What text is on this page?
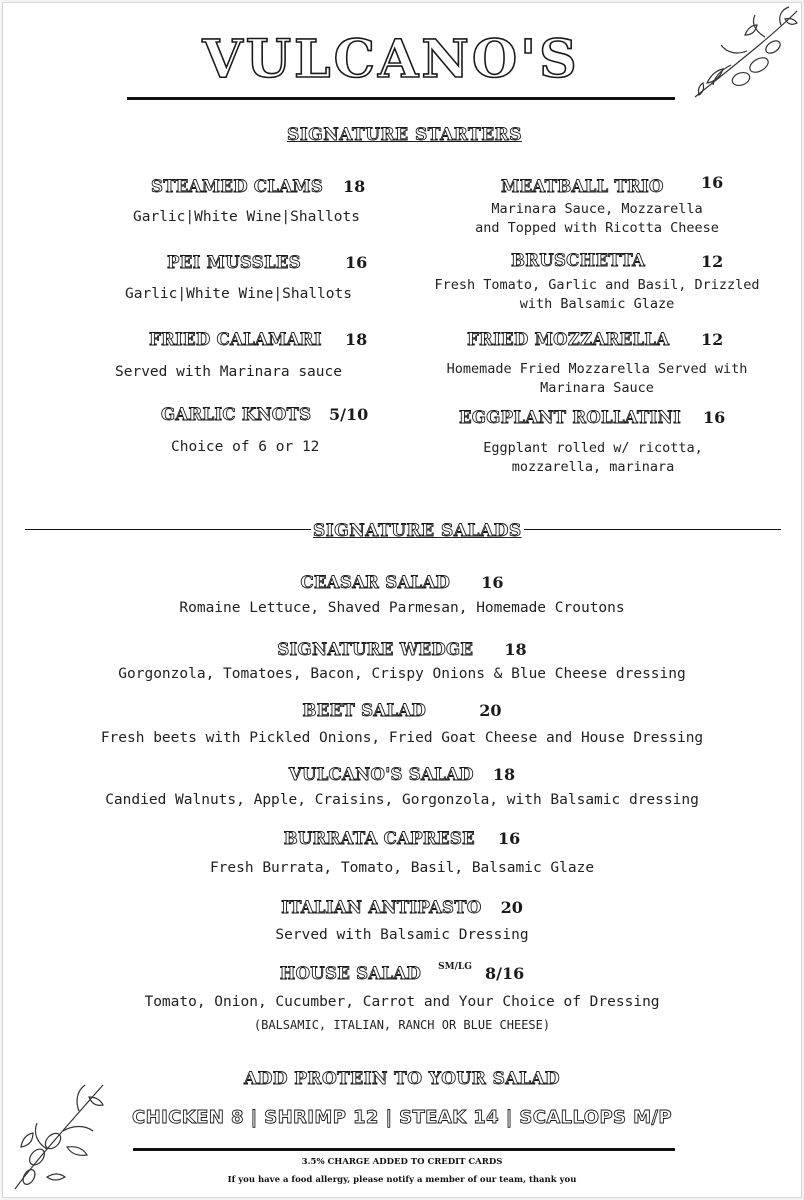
VULCANO'S
SIGNATURE STARTERS
STEAMED CLAMS 18
Garlic|White Wine|Shallots
PEI MUSSLES	16
Garlic|White Wine|Shallots
FRIED CALAMARI 18
Served with Marinara sauce
GARLIC KNOTS 5/10
Choice of 6 or 12
MEATBALL TRIO 16
Marinara Sauce, Mozzarella
and Topped with Ricotta Cheese
BRUSCHETTA	12
Fresh Tomato, Garlic and Basil, Drizzled
with Balsamic Glaze
FRIED MOZZARELLA 12
Homemade Fried Mozzarella Served with
Marinara Sauce
EGGPLANT ROLLATINI 16
Eggplant rolled w/ ricotta,
mozzarella, marinara
SIGNATURE SALADS
CEASAR SALAD 16
Romaine Lettuce, Shaved Parmesan, Homemade Croutons
SIGNATURE WEDGE 18
Gorgonzola, Tomatoes, Bacon, Crispy Onions & Blue Cheese dressing
BEET SALAD	20
Fresh beets with Pickled Onions, Fried Goat Cheese and House Dressing
VULCANO'S SALAD 18
Candied Walnuts, Apple, Craisins, Gorgonzola, with Balsamic dressing
BURRATA CAPRESE 16
Fresh Burrata, Tomato, Basil, Balsamic Glaze
ITALIAN ANTIPASTO 20
Served with Balsamic Dressing
HOUSE SALAD $^{SM/LG}$ 8/16
Tomato, Onion, Cucumber, Carrot and Your Choice of Dressing
(BALSAMIC, ITALIAN, RANCH OR BLUE CHEESE)
ADD PROTEIN TO YOUR SALAD
CHICKEN 8 | SHRIMP 12 | STEAK 14 | SCALLOPS M/P
3.5% CHARGE ADDED TO CREDIT CARDS
If you have a food allergy, please notify a member of our team, thank you
